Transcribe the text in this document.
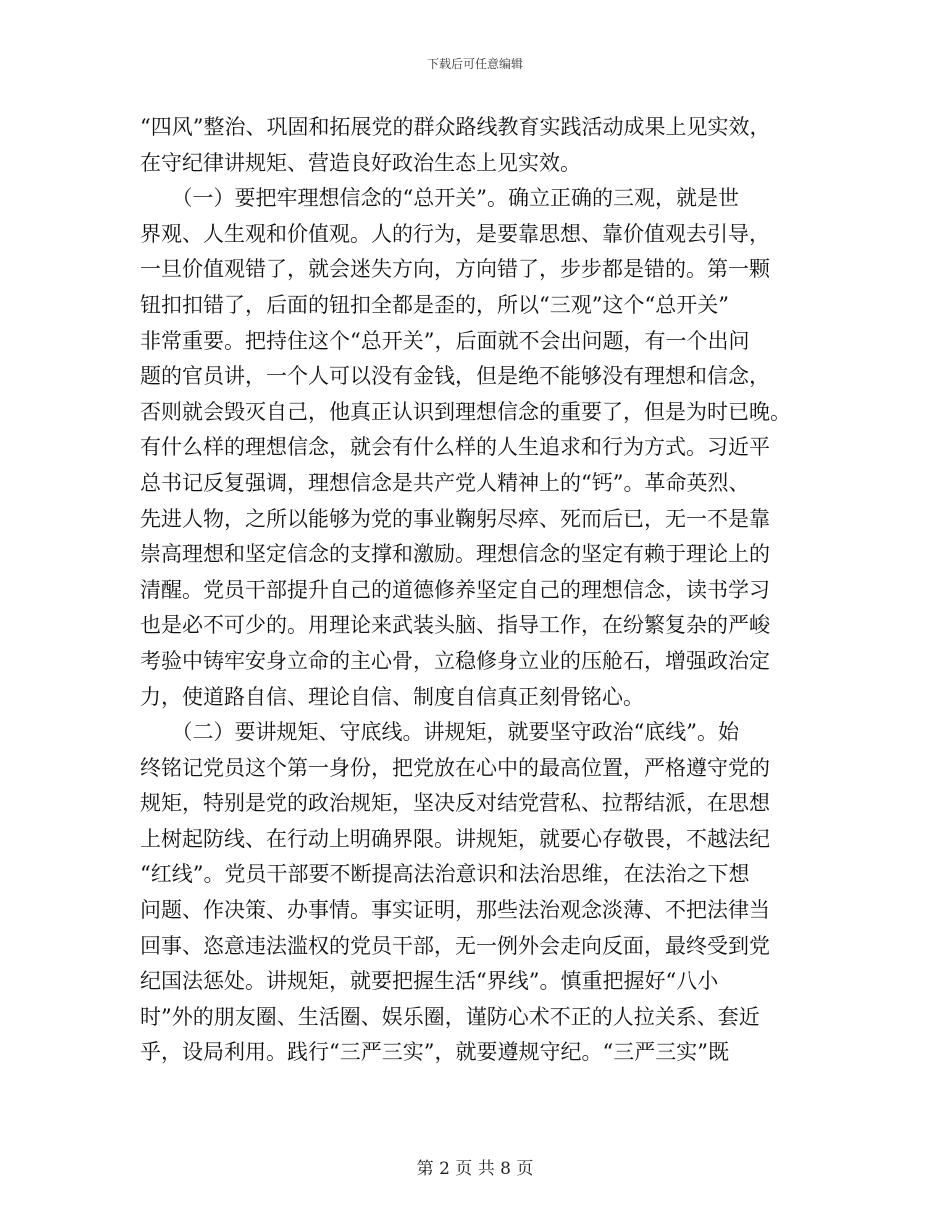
下载后可任意编辑
“四风”整治、巩固和拓展党的群众路线教育实践活动成果上见实效，
在守纪律讲规矩、营造良好政治生态上见实效。
　　（一）要把牢理想信念的“总开关”。确立正确的三观，就是世
界观、人生观和价值观。人的行为，是要靠思想、靠价值观去引导，
一旦价值观错了，就会迷失方向，方向错了，步步都是错的。第一颗
钮扣扣错了，后面的钮扣全都是歪的，所以“三观”这个“总开关”
非常重要。把持住这个“总开关”，后面就不会出问题，有一个出问
题的官员讲，一个人可以没有金钱，但是绝不能够没有理想和信念，
否则就会毁灭自己，他真正认识到理想信念的重要了，但是为时已晚。
有什么样的理想信念，就会有什么样的人生追求和行为方式。习近平
总书记反复强调，理想信念是共产党人精神上的“钙”。革命英烈、
先进人物，之所以能够为党的事业鞠躬尽瘁、死而后已，无一不是靠
崇高理想和坚定信念的支撑和激励。理想信念的坚定有赖于理论上的
清醒。党员干部提升自己的道德修养坚定自己的理想信念，读书学习
也是必不可少的。用理论来武装头脑、指导工作，在纷繁复杂的严峻
考验中铸牢安身立命的主心骨，立稳修身立业的压舱石，增强政治定
力，使道路自信、理论自信、制度自信真正刻骨铭心。
　　（二）要讲规矩、守底线。讲规矩，就要坚守政治“底线”。始
终铭记党员这个第一身份，把党放在心中的最高位置，严格遵守党的
规矩，特别是党的政治规矩，坚决反对结党营私、拉帮结派，在思想
上树起防线、在行动上明确界限。讲规矩，就要心存敬畏，不越法纪
“红线”。党员干部要不断提高法治意识和法治思维，在法治之下想
问题、作决策、办事情。事实证明，那些法治观念淡薄、不把法律当
回事、恣意违法滥权的党员干部，无一例外会走向反面，最终受到党
纪国法惩处。讲规矩，就要把握生活“界线”。慎重把握好“八小
时”外的朋友圈、生活圈、娱乐圈，谨防心术不正的人拉关系、套近
乎，设局利用。践行“三严三实”，就要遵规守纪。“三严三实”既
第 2 页 共 8 页
